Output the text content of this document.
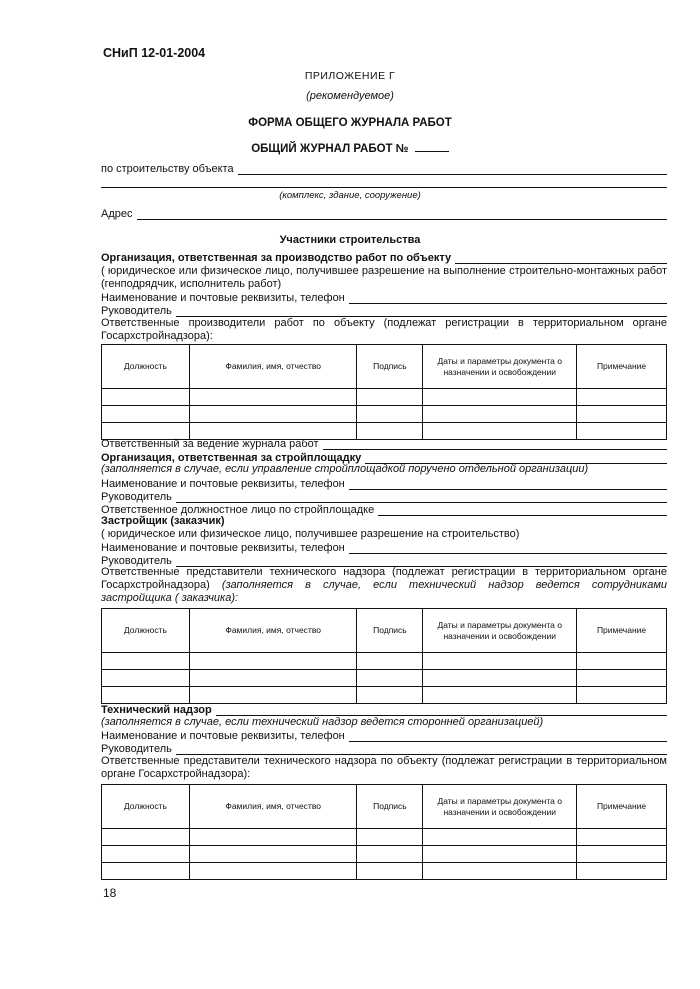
СНиП 12-01-2004
ПРИЛОЖЕНИЕ Г
(рекомендуемое)
ФОРМА ОБЩЕГО ЖУРНАЛА РАБОТ
ОБЩИЙ ЖУРНАЛ РАБОТ №
по строительству объекта
(комплекс, здание, сооружение)
Адрес
Участники строительства
Организация, ответственная за производство работ по объекту
( юридическое или физическое лицо, получившее разрешение на выполнение строительно-монтажных работ (генподрядчик, исполнитель работ)
Наименование и почтовые реквизиты, телефон
Руководитель
Ответственные производители работ по объекту (подлежат регистрации в территориальном органе Госархстройнадзора):
Должность	Фамилия, имя, отчество	Подпись	Даты и параметры документа о назначении и освобождении	Примечание

Ответственный за ведение журнала работ
Организация, ответственная за стройплощадку
(заполняется в случае, если управление стройплощадкой поручено отдельной организации)
Наименование и почтовые реквизиты, телефон
Руководитель
Ответственное должностное лицо по стройплощадке
Застройщик (заказчик)
( юридическое или физическое лицо, получившее разрешение на строительство)
Наименование и почтовые реквизиты, телефон
Руководитель
Ответственные представители технического надзора (подлежат регистрации в территориальном органе Госархстройнадзора) (заполняется в случае, если технический надзор ведется сотрудниками застройщика ( заказчика):
Должность	Фамилия, имя, отчество	Подпись	Даты и параметры документа о назначении и освобождении	Примечание

Технический надзор
(заполняется в случае, если технический надзор ведется сторонней организацией)
Наименование и почтовые реквизиты, телефон
Руководитель
Ответственные представители технического надзора по объекту (подлежат регистрации в территориальном органе Госархстройнадзора):
Должность	Фамилия, имя, отчество	Подпись	Даты и параметры документа о назначении и освобождении	Примечание

18
